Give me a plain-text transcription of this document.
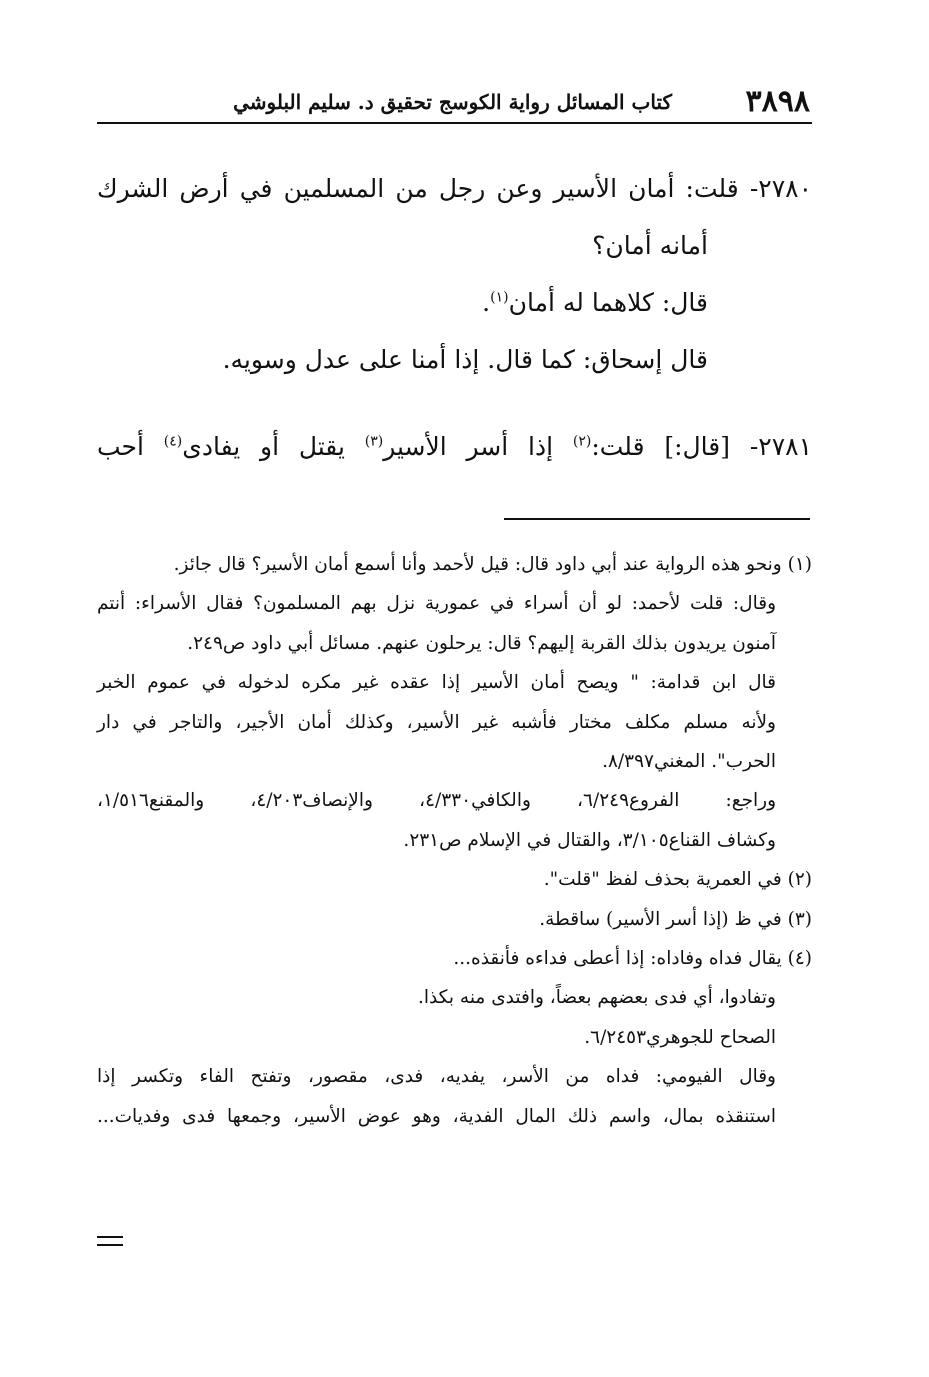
٣٨٩٨
كتاب المسائل رواية الكوسج تحقيق د. سليم البلوشي

٢٧٨٠- قلت: أمان الأسير وعن رجل من المسلمين في أرض الشرك

أمانه أمان؟

قال: كلاهما له أمان$^{(١)}$.

قال إسحاق: كما قال. إذا أمنا على عدل وسويه.

٢٧٨١- [قال:] قلت:$^{(٢)}$ إذا أسر الأسير$^{(٣)}$ يقتل أو يفادى$^{(٤)}$ أحب

(١) ونحو هذه الرواية عند أبي داود قال: قيل لأحمد وأنا أسمع أمان الأسير؟ قال جائز.

وقال: قلت لأحمد: لو أن أسراء في عمورية نزل بهم المسلمون؟ فقال الأسراء: أنتم

آمنون يريدون بذلك القربة إليهم؟ قال: يرحلون عنهم. مسائل أبي داود ص٢٤٩.

قال ابن قدامة: " ويصح أمان الأسير إذا عقده غير مكره لدخوله في عموم الخبر

ولأنه مسلم مكلف مختار فأشبه غير الأسير، وكذلك أمان الأجير، والتاجر في دار

الحرب". المغني٨/٣٩٧.

وراجع: الفروع٦/٢٤٩، والكافي٤/٣٣٠، والإنصاف٤/٢٠٣، والمقنع١/٥١٦،

وكشاف القناع٣/١٠٥، والقتال في الإسلام ص٢٣١.

(٢) في العمرية بحذف لفظ "قلت".

(٣) في ظ (إذا أسر الأسير) ساقطة.

(٤) يقال فداه وفاداه: إذا أعطى فداءه فأنقذه...

وتفادوا، أي فدى بعضهم بعضاً، وافتدى منه بكذا.

الصحاح للجوهري٦/٢٤٥٣.

وقال الفيومي: فداه من الأسر، يفديه، فدى، مقصور، وتفتح الفاء وتكسر إذا

استنقذه بمال، واسم ذلك المال الفدية، وهو عوض الأسير، وجمعها فدى وفديات...
